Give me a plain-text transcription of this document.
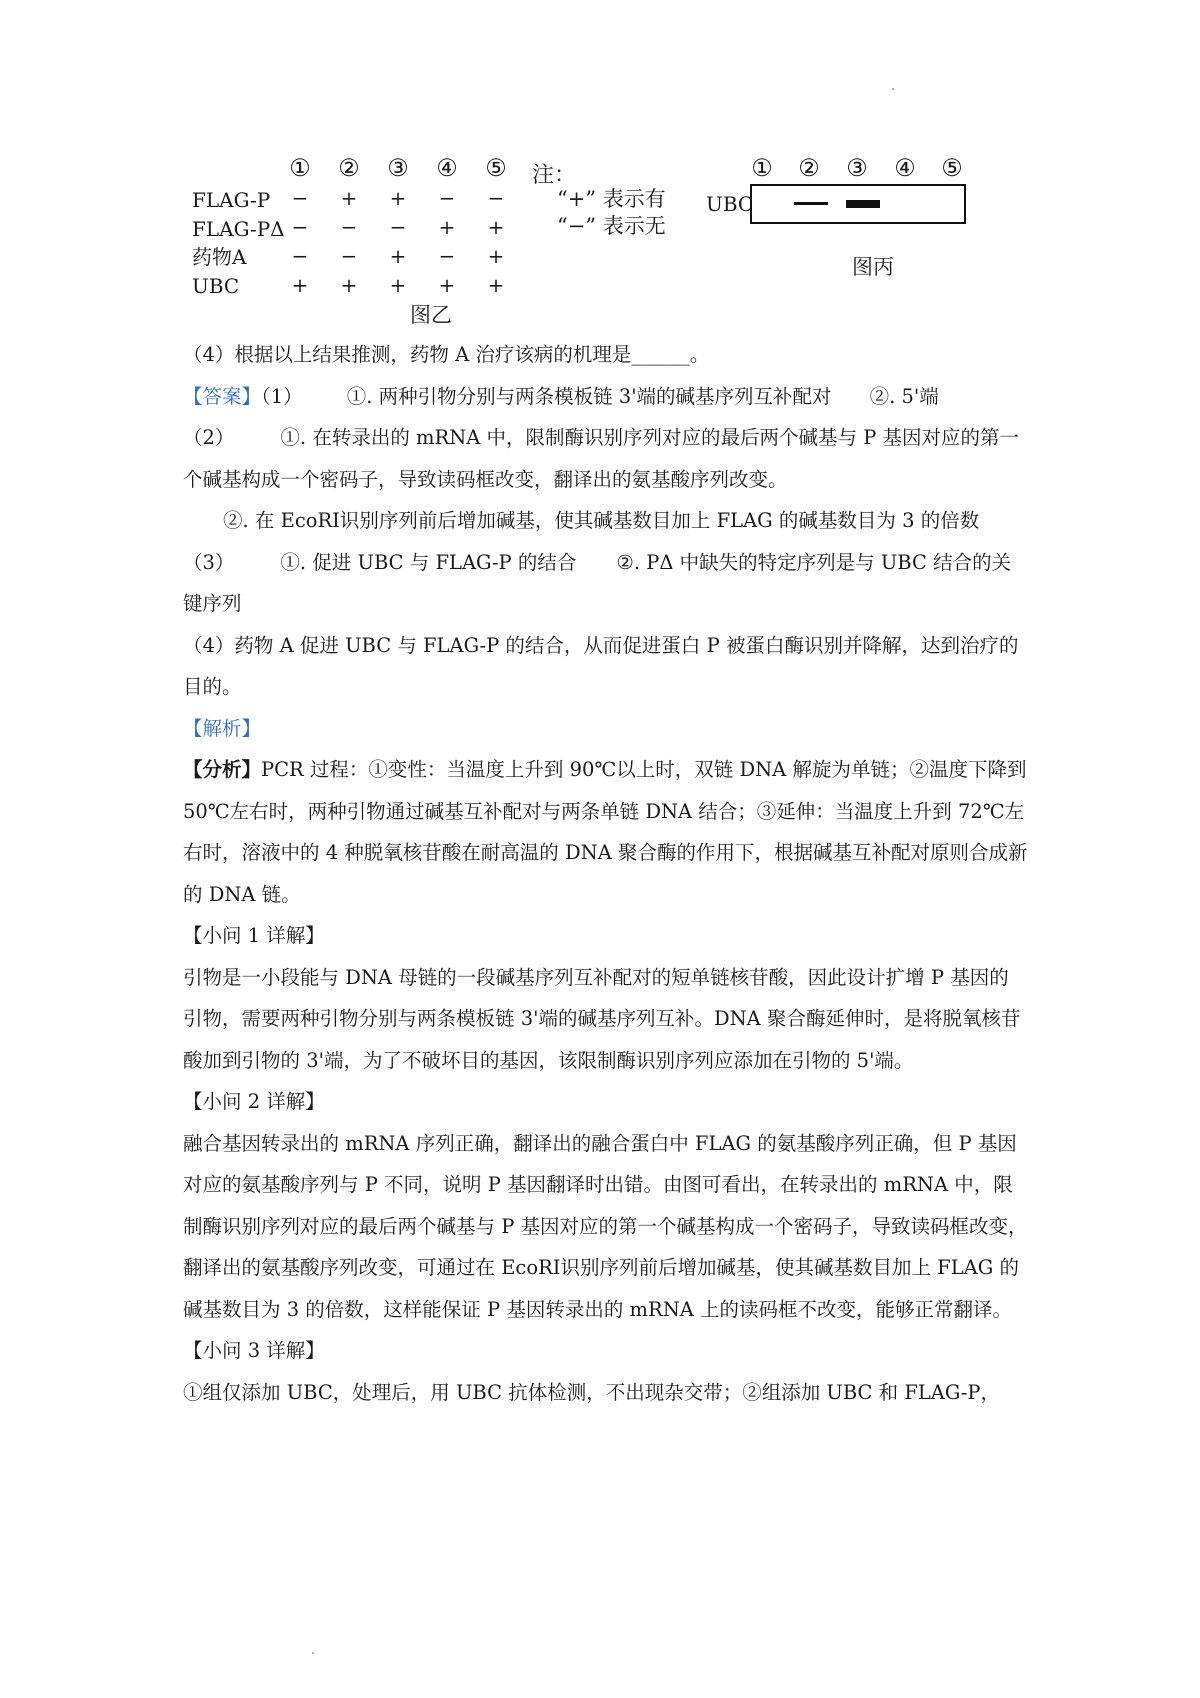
① ② ③ ④ ⑤
FLAG-P	−	+	+	−	−
FLAG-PΔ −	−	−	+	+
药物A	−	−	+	−	+
UBC	+	+	+	+	+
图乙
注：
“+” 表示有
“−” 表示无
① ② ③ ④ ⑤
UBC
图丙

（4）根据以上结果推测，药物 A 治疗该病的机理是______。

【答案】（1） ①. 两种引物分别与两条模板链 3'端的碱基序列互补配对 ②. 5'端

（2） ①. 在转录出的 mRNA 中，限制酶识别序列对应的最后两个碱基与 P 基因对应的第一个碱基构成一个密码子，导致读码框改变，翻译出的氨基酸序列改变。

②. 在 EcoRⅠ识别序列前后增加碱基，使其碱基数目加上 FLAG 的碱基数目为 3 的倍数

（3） ①. 促进 UBC 与 FLAG-P 的结合 ②. PΔ 中缺失的特定序列是与 UBC 结合的关键序列

（4）药物 A 促进 UBC 与 FLAG-P 的结合，从而促进蛋白 P 被蛋白酶识别并降解，达到治疗的目的。

【解析】

【分析】PCR 过程：①变性：当温度上升到 90℃以上时，双链 DNA 解旋为单链；②温度下降到 50℃左右时，两种引物通过碱基互补配对与两条单链 DNA 结合；③延伸：当温度上升到 72℃左右时，溶液中的 4 种脱氧核苷酸在耐高温的 DNA 聚合酶的作用下，根据碱基互补配对原则合成新的 DNA 链。

【小问 1 详解】

引物是一小段能与 DNA 母链的一段碱基序列互补配对的短单链核苷酸，因此设计扩增 P 基因的引物，需要两种引物分别与两条模板链 3'端的碱基序列互补。DNA 聚合酶延伸时，是将脱氧核苷酸加到引物的 3'端，为了不破坏目的基因，该限制酶识别序列应添加在引物的 5'端。

【小问 2 详解】

融合基因转录出的 mRNA 序列正确，翻译出的融合蛋白中 FLAG 的氨基酸序列正确，但 P 基因对应的氨基酸序列与 P 不同，说明 P 基因翻译时出错。由图可看出，在转录出的 mRNA 中，限制酶识别序列对应的最后两个碱基与 P 基因对应的第一个碱基构成一个密码子，导致读码框改变，翻译出的氨基酸序列改变，可通过在 EcoRⅠ识别序列前后增加碱基，使其碱基数目加上 FLAG 的碱基数目为 3 的倍数，这样能保证 P 基因转录出的 mRNA 上的读码框不改变，能够正常翻译。

【小问 3 详解】

①组仅添加 UBC，处理后，用 UBC 抗体检测，不出现杂交带；②组添加 UBC 和 FLAG-P，
